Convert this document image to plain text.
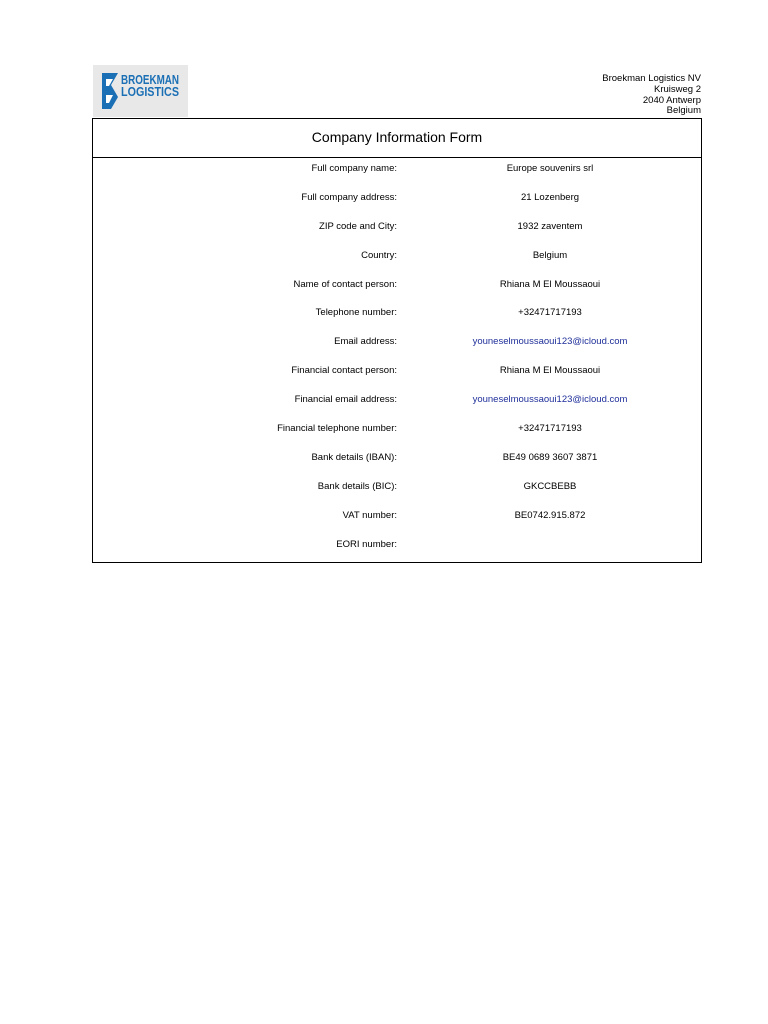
BROEKMAN
LOGISTICS
Broekman Logistics NV
Kruisweg 2
2040 Antwerp
Belgium
Company Information Form
Full company name:	Europe souvenirs srl
Full company address:	21 Lozenberg
ZIP code and City:	1932 zaventem
Country:	Belgium
Name of contact person:	Rhiana M El Moussaoui
Telephone number:	+32471717193
Email address:	youneselmoussaoui123@icloud.com
Financial contact person:	Rhiana M El Moussaoui
Financial email address:	youneselmoussaoui123@icloud.com
Financial telephone number:	+32471717193
Bank details (IBAN):	BE49 0689 3607 3871
Bank details (BIC):	GKCCBEBB
VAT number:	BE0742.915.872
EORI number:
